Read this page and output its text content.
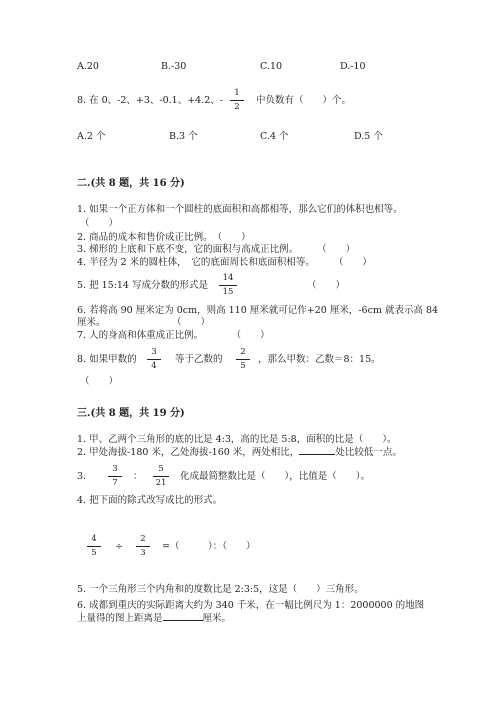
A.20	B.-30	C.10	D.-10
8. 在 0、-2、+3、-0.1、+4.2、-
1
2
中负数有（　　）个。
A.2 个	B.3 个	C.4 个	D.5 个
二.(共 8 题，共 16 分)
1. 如果一个正方体和一个圆柱的底面积和高都相等，那么它们的体积也相等。
（　　）
2. 商品的成本和售价成正比例。　（　　）
3. 梯形的上底和下底不变，它的面积与高成正比例。　　　（　　）
4. 半径为 2 米的圆柱体，　它的底面周长和底面积相等。　　　（　　）
5. 把 15:14 写成分数的形式是
14
15
（　　）
6. 若将高 90 厘米定为 0cm，则高 110 厘米就可记作+20 厘米，-6cm 就表示高 84
厘米。　　　　　　　　（　　）
7. 人的身高和体重成正比例。　　　　（　　）
8. 如果甲数的
3
4
等于乙数的
2
5
，那么甲数：乙数＝8：15。
（　　）
三.(共 8 题，共 19 分)
1. 甲、乙两个三角形的底的比是 4:3，高的比是 5:8，面积的比是（　　）。
2. 甲处海拔-180 米，乙处海拔-160 米，两处相比，	处比较低一点。
3.
3
7
：
5
21
化成最简整数比是（　　），比值是（　　）。
4. 把下面的除式改写成比的形式。
4
5
÷
2
3
=（　　　）：（　　）
5. 一个三角形三个内角和的度数比是 2:3:5，这是（　　）三角形。
6. 成都到重庆的实际距离大约为 340 千米，在一幅比例尺为 1：2000000 的地图
上量得的图上距离是	厘米。
